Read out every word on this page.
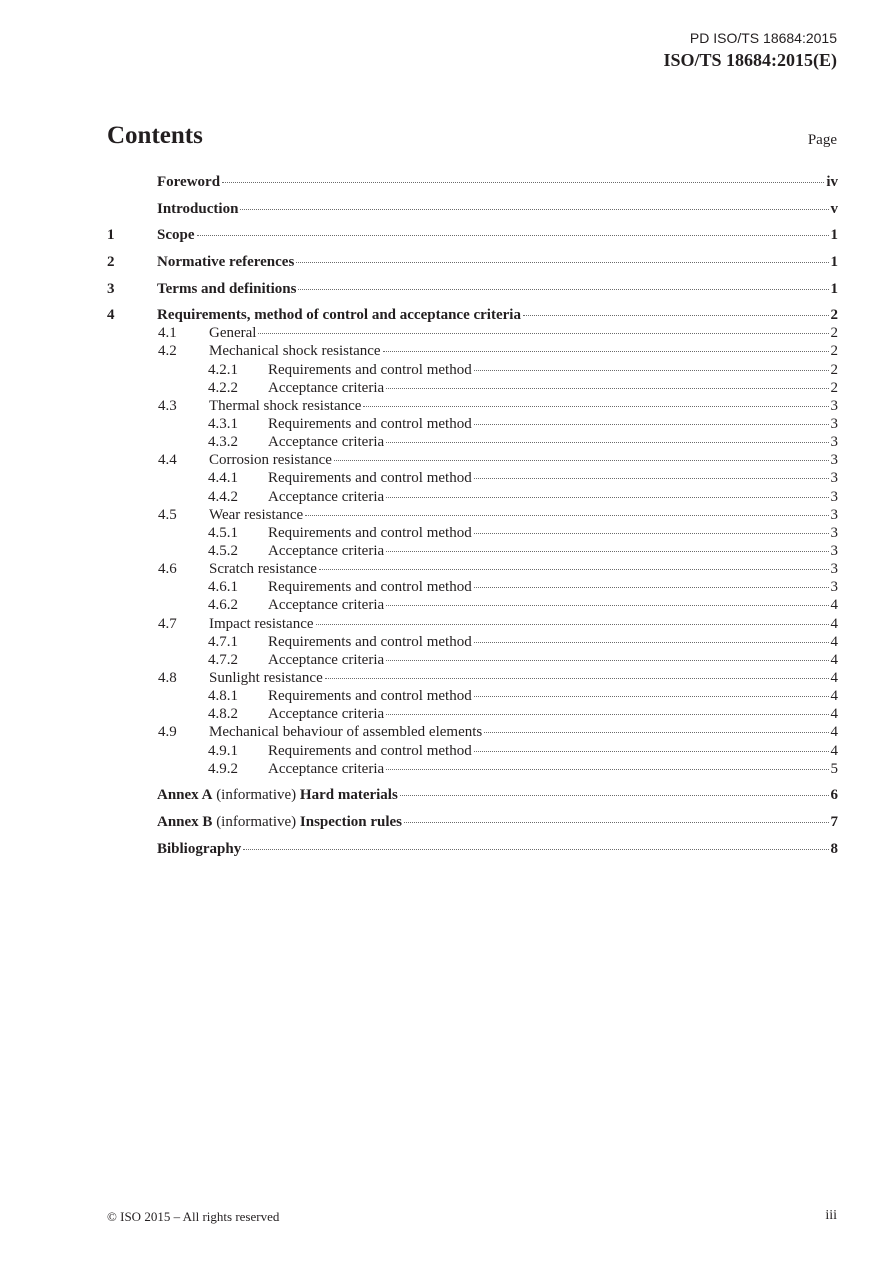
PD ISO/TS 18684:2015
ISO/TS 18684:2015(E)
Contents	Page
Foreword	iv
Introduction	v
1	Scope	1
2	Normative references	1
3	Terms and definitions	1
4	Requirements, method of control and acceptance criteria	2
4.1	General	2
4.2	Mechanical shock resistance	2
4.2.1	Requirements and control method	2
4.2.2	Acceptance criteria	2
4.3	Thermal shock resistance	3
4.3.1	Requirements and control method	3
4.3.2	Acceptance criteria	3
4.4	Corrosion resistance	3
4.4.1	Requirements and control method	3
4.4.2	Acceptance criteria	3
4.5	Wear resistance	3
4.5.1	Requirements and control method	3
4.5.2	Acceptance criteria	3
4.6	Scratch resistance	3
4.6.1	Requirements and control method	3
4.6.2	Acceptance criteria	4
4.7	Impact resistance	4
4.7.1	Requirements and control method	4
4.7.2	Acceptance criteria	4
4.8	Sunlight resistance	4
4.8.1	Requirements and control method	4
4.8.2	Acceptance criteria	4
4.9	Mechanical behaviour of assembled elements	4
4.9.1	Requirements and control method	4
4.9.2	Acceptance criteria	5
Annex A (informative) Hard materials	6
Annex B (informative) Inspection rules	7
Bibliography	8
© ISO 2015 – All rights reserved	iii
